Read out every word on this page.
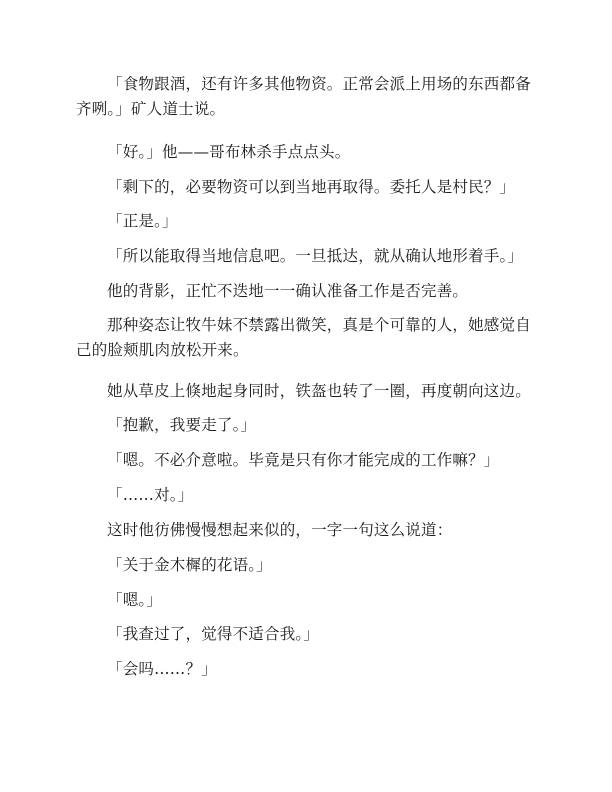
「食物跟酒，还有许多其他物资。正常会派上用场的东西都备齐咧。」矿人道士说。

「好。」他——哥布林杀手点点头。

「剩下的，必要物资可以到当地再取得。委托人是村民？」

「正是。」

「所以能取得当地信息吧。一旦抵达，就从确认地形着手。」

他的背影，正忙不迭地一一确认准备工作是否完善。

那种姿态让牧牛妹不禁露出微笑，真是个可靠的人，她感觉自己的脸颊肌肉放松开来。

她从草皮上倏地起身同时，铁盔也转了一圈，再度朝向这边。

「抱歉，我要走了。」

「嗯。不必介意啦。毕竟是只有你才能完成的工作嘛？」

「……对。」

这时他彷佛慢慢想起来似的，一字一句这么说道：

「关于金木樨的花语。」

「嗯。」

「我查过了，觉得不适合我。」

「会吗……？」
